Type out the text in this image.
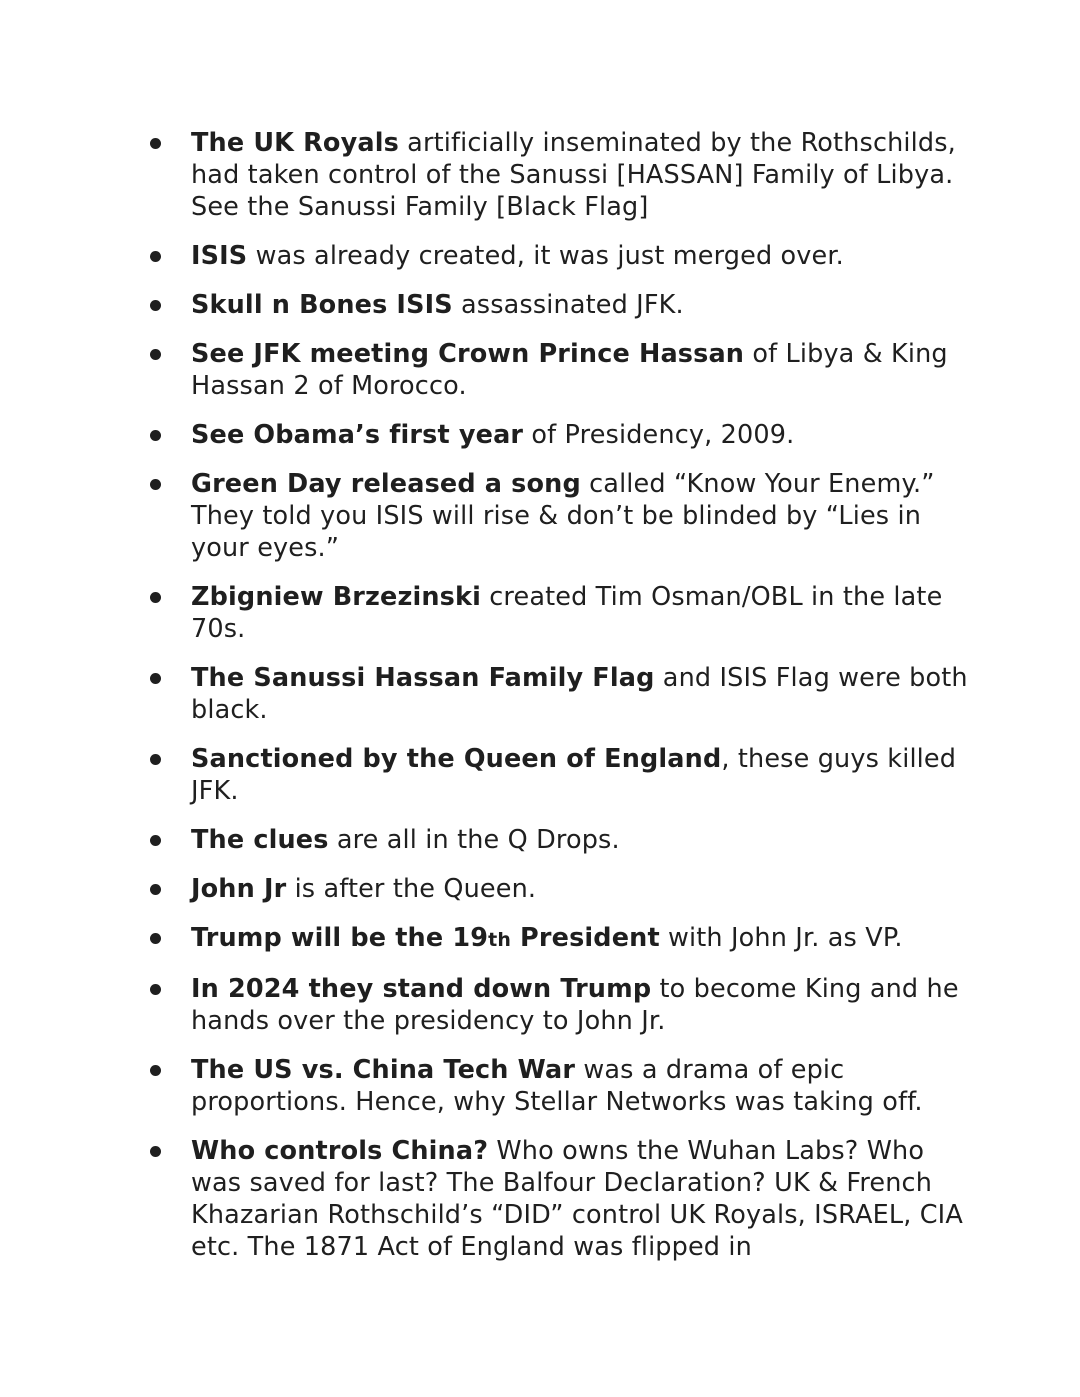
The UK Royals artificially inseminated by the Rothschilds, had taken control of the Sanussi [HASSAN] Family of Libya. See the Sanussi Family [Black Flag]
ISIS was already created, it was just merged over.
Skull n Bones ISIS assassinated JFK.
See JFK meeting Crown Prince Hassan of Libya & King Hassan 2 of Morocco.
See Obama’s first year of Presidency, 2009.
Green Day released a song called “Know Your Enemy.” They told you ISIS will rise & don’t be blinded by “Lies in your eyes.”
Zbigniew Brzezinski created Tim Osman/OBL in the late 70s.
The Sanussi Hassan Family Flag and ISIS Flag were both black.
Sanctioned by the Queen of England, these guys killed JFK.
The clues are all in the Q Drops.
John Jr is after the Queen.
Trump will be the 19th President with John Jr. as VP.
In 2024 they stand down Trump to become King and he hands over the presidency to John Jr.
The US vs. China Tech War was a drama of epic proportions. Hence, why Stellar Networks was taking off.
Who controls China? Who owns the Wuhan Labs? Who was saved for last? The Balfour Declaration? UK & French Khazarian Rothschild’s “DID” control UK Royals, ISRAEL, CIA etc. The 1871 Act of England was flipped in
